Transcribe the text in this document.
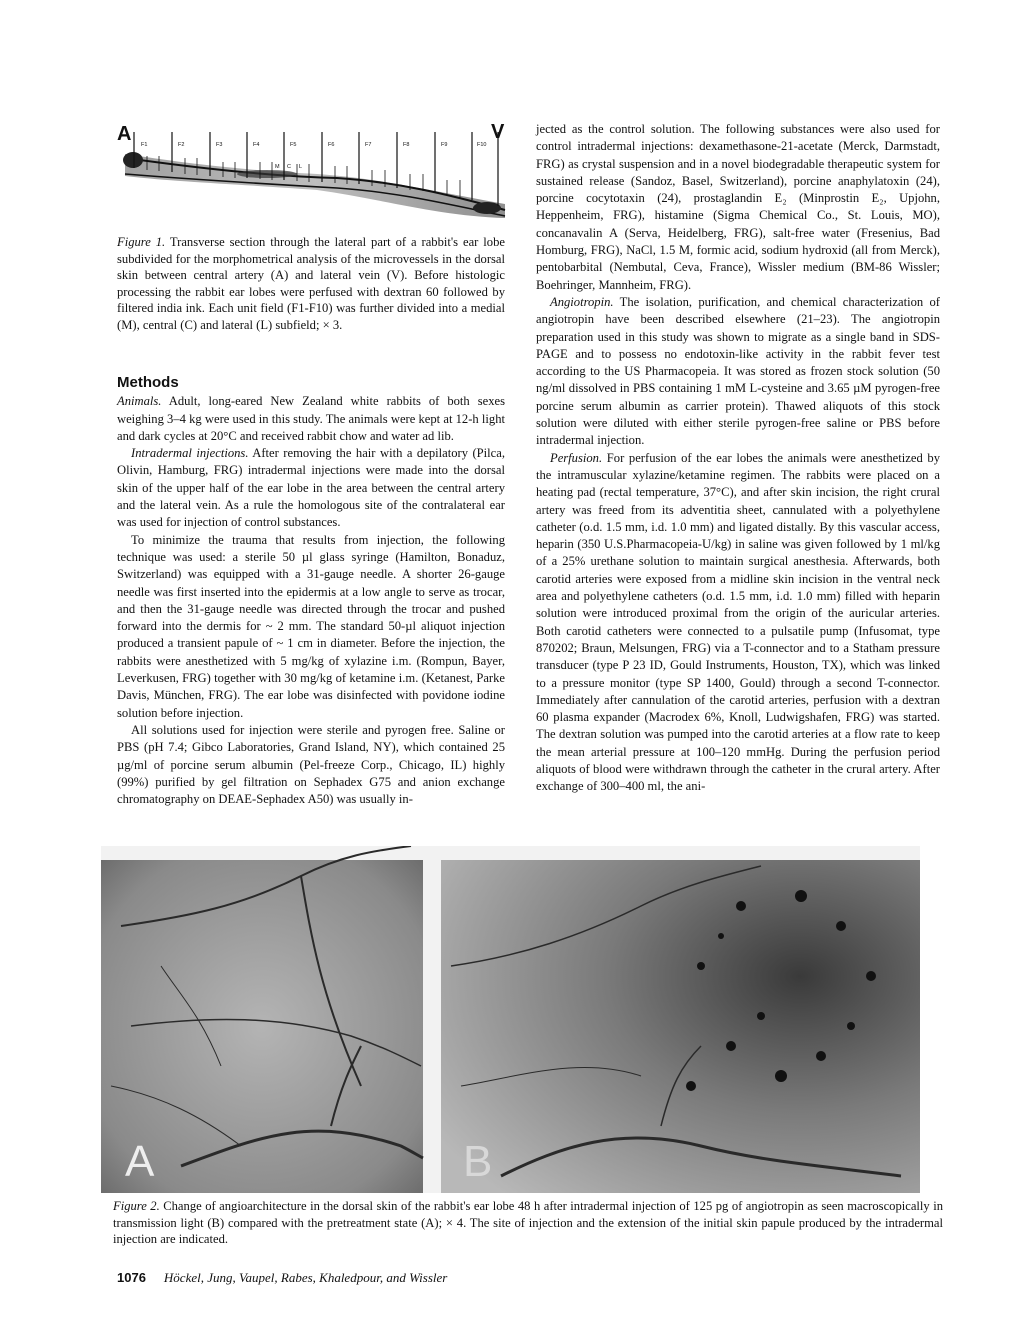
A	V
F1	F2	F3	F4	F5	F6	F7	F8	F9	F10
M C L
Figure 1. Transverse section through the lateral part of a rabbit's ear lobe subdivided for the morphometrical analysis of the microvessels in the dorsal skin between central artery (A) and lateral vein (V). Before histologic processing the rabbit ear lobes were perfused with dextran 60 followed by filtered india ink. Each unit field (F1-F10) was further divided into a medial (M), central (C) and lateral (L) subfield; × 3.
Methods

Animals. Adult, long-eared New Zealand white rabbits of both sexes weighing 3–4 kg were used in this study. The animals were kept at 12-h light and dark cycles at 20°C and received rabbit chow and water ad lib.

Intradermal injections. After removing the hair with a depilatory (Pilca, Olivin, Hamburg, FRG) intradermal injections were made into the dorsal skin of the upper half of the ear lobe in the area between the central artery and the lateral vein. As a rule the homologous site of the contralateral ear was used for injection of control substances.

To minimize the trauma that results from injection, the following technique was used: a sterile 50 µl glass syringe (Hamilton, Bonaduz, Switzerland) was equipped with a 31-gauge needle. A shorter 26-gauge needle was first inserted into the epidermis at a low angle to serve as trocar, and then the 31-gauge needle was directed through the trocar and pushed forward into the dermis for ~ 2 mm. The standard 50-µl aliquot injection produced a transient papule of ~ 1 cm in diameter. Before the injection, the rabbits were anesthetized with 5 mg/kg of xylazine i.m. (Rompun, Bayer, Leverkusen, FRG) together with 30 mg/kg of ketamine i.m. (Ketanest, Parke Davis, München, FRG). The ear lobe was disinfected with povidone iodine solution before injection.

All solutions used for injection were sterile and pyrogen free. Saline or PBS (pH 7.4; Gibco Laboratories, Grand Island, NY), which contained 25 µg/ml of porcine serum albumin (Pel-freeze Corp., Chicago, IL) highly (99%) purified by gel filtration on Sephadex G75 and anion exchange chromatography on DEAE-Sephadex A50) was usually in-

jected as the control solution. The following substances were also used for control intradermal injections: dexamethasone-21-acetate (Merck, Darmstadt, FRG) as crystal suspension and in a novel biodegradable therapeutic system for sustained release (Sandoz, Basel, Switzerland), porcine anaphylatoxin (24), porcine cocytotaxin (24), prostaglandin E₂ (Minprostin E₂, Upjohn, Heppenheim, FRG), histamine (Sigma Chemical Co., St. Louis, MO), concanavalin A (Serva, Heidelberg, FRG), salt-free water (Fresenius, Bad Homburg, FRG), NaCl, 1.5 M, formic acid, sodium hydroxid (all from Merck), pentobarbital (Nembutal, Ceva, France), Wissler medium (BM-86 Wissler; Boehringer, Mannheim, FRG).

Angiotropin. The isolation, purification, and chemical characterization of angiotropin have been described elsewhere (21–23). The angiotropin preparation used in this study was shown to migrate as a single band in SDS-PAGE and to possess no endotoxin-like activity in the rabbit fever test according to the US Pharmacopeia. It was stored as frozen stock solution (50 ng/ml dissolved in PBS containing 1 mM L-cysteine and 3.65 µM pyrogen-free porcine serum albumin as carrier protein). Thawed aliquots of this stock solution were diluted with either sterile pyrogen-free saline or PBS before intradermal injection.

Perfusion. For perfusion of the ear lobes the animals were anesthetized by the intramuscular xylazine/ketamine regimen. The rabbits were placed on a heating pad (rectal temperature, 37°C), and after skin incision, the right crural artery was freed from its adventitia sheet, cannulated with a polyethylene catheter (o.d. 1.5 mm, i.d. 1.0 mm) and ligated distally. By this vascular access, heparin (350 U.S.Pharmacopeia-U/kg) in saline was given followed by 1 ml/kg of a 25% urethane solution to maintain surgical anesthesia. Afterwards, both carotid arteries were exposed from a midline skin incision in the ventral neck area and polyethylene catheters (o.d. 1.5 mm, i.d. 1.0 mm) filled with heparin solution were introduced proximal from the origin of the auricular arteries. Both carotid catheters were connected to a pulsatile pump (Infusomat, type 870202; Braun, Melsungen, FRG) via a T-connector and to a Statham pressure transducer (type P 23 ID, Gould Instruments, Houston, TX), which was linked to a pressure monitor (type SP 1400, Gould) through a second T-connector. Immediately after cannulation of the carotid arteries, perfusion with a dextran 60 plasma expander (Macrodex 6%, Knoll, Ludwigshafen, FRG) was started. The dextran solution was pumped into the carotid arteries at a flow rate to keep the mean arterial pressure at 100–120 mmHg. During the perfusion period aliquots of blood were withdrawn through the catheter in the crural artery. After exchange of 300–400 ml, the ani-

A	B
Figure 2. Change of angioarchitecture in the dorsal skin of the rabbit's ear lobe 48 h after intradermal injection of 125 pg of angiotropin as seen macroscopically in transmission light (B) compared with the pretreatment state (A); × 4. The site of injection and the extension of the initial skin papule produced by the intradermal injection are indicated.
1076 Höckel, Jung, Vaupel, Rabes, Khaledpour, and Wissler
